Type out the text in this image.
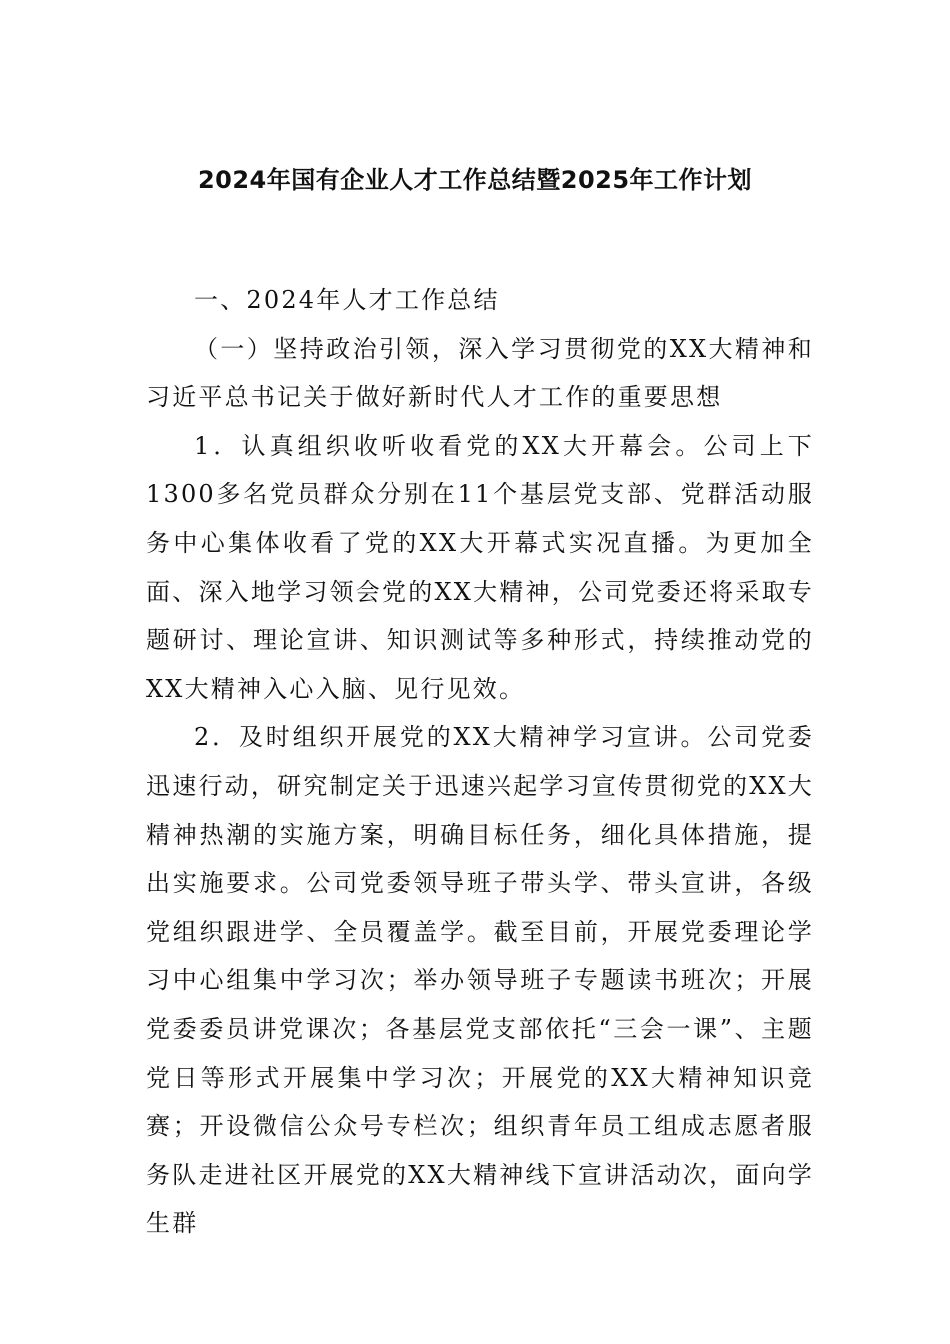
2024年国有企业人才工作总结暨2025年工作计划

一、2024年人才工作总结

（一）坚持政治引领，深入学习贯彻党的XX大精神和习近平总书记关于做好新时代人才工作的重要思想

1．认真组织收听收看党的XX大开幕会。公司上下1300多名党员群众分别在11个基层党支部、党群活动服务中心集体收看了党的XX大开幕式实况直播。为更加全面、深入地学习领会党的XX大精神，公司党委还将采取专题研讨、理论宣讲、知识测试等多种形式，持续推动党的XX大精神入心入脑、见行见效。

2．及时组织开展党的XX大精神学习宣讲。公司党委迅速行动，研究制定关于迅速兴起学习宣传贯彻党的XX大精神热潮的实施方案，明确目标任务，细化具体措施，提出实施要求。公司党委领导班子带头学、带头宣讲，各级党组织跟进学、全员覆盖学。截至目前，开展党委理论学习中心组集中学习次；举办领导班子专题读书班次；开展党委委员讲党课次；各基层党支部依托“三会一课”、主题党日等形式开展集中学习次；开展党的XX大精神知识竞赛；开设微信公众号专栏次；组织青年员工组成志愿者服务队走进社区开展党的XX大精神线下宣讲活动次，面向学生群
